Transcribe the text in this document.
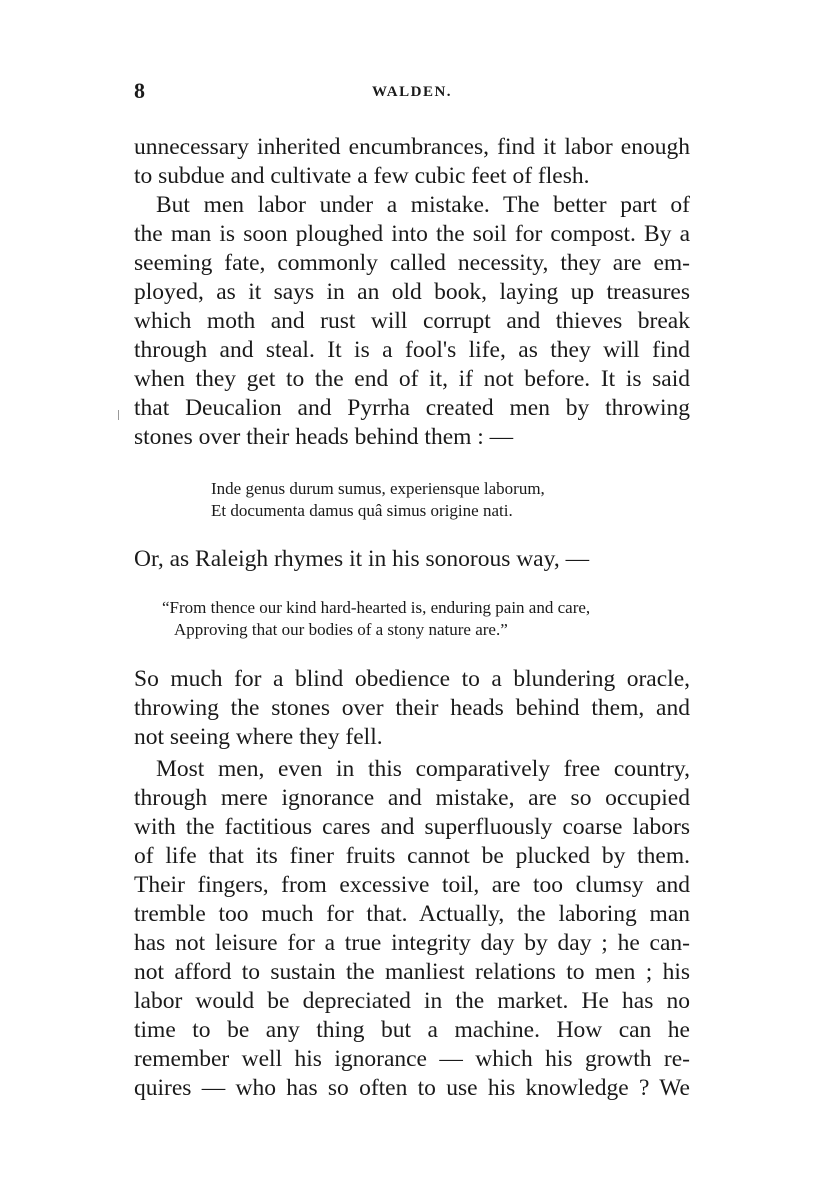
8	WALDEN.
unnecessary inherited encumbrances, find it labor enough
to subdue and cultivate a few cubic feet of flesh.
But men labor under a mistake. The better part of
the man is soon ploughed into the soil for compost. By a
seeming fate, commonly called necessity, they are em-
ployed, as it says in an old book, laying up treasures
which moth and rust will corrupt and thieves break
through and steal. It is a fool's life, as they will find
when they get to the end of it, if not before. It is said
that Deucalion and Pyrrha created men by throwing
stones over their heads behind them : —
Inde genus durum sumus, experiensque laborum,
Et documenta damus quâ simus origine nati.
Or, as Raleigh rhymes it in his sonorous way, —
“From thence our kind hard-hearted is, enduring pain and care,
Approving that our bodies of a stony nature are.”
So much for a blind obedience to a blundering oracle,
throwing the stones over their heads behind them, and
not seeing where they fell.
Most men, even in this comparatively free country,
through mere ignorance and mistake, are so occupied
with the factitious cares and superfluously coarse labors
of life that its finer fruits cannot be plucked by them.
Their fingers, from excessive toil, are too clumsy and
tremble too much for that. Actually, the laboring man
has not leisure for a true integrity day by day ; he can-
not afford to sustain the manliest relations to men ; his
labor would be depreciated in the market. He has no
time to be any thing but a machine. How can he
remember well his ignorance — which his growth re-
quires — who has so often to use his knowledge ? We
